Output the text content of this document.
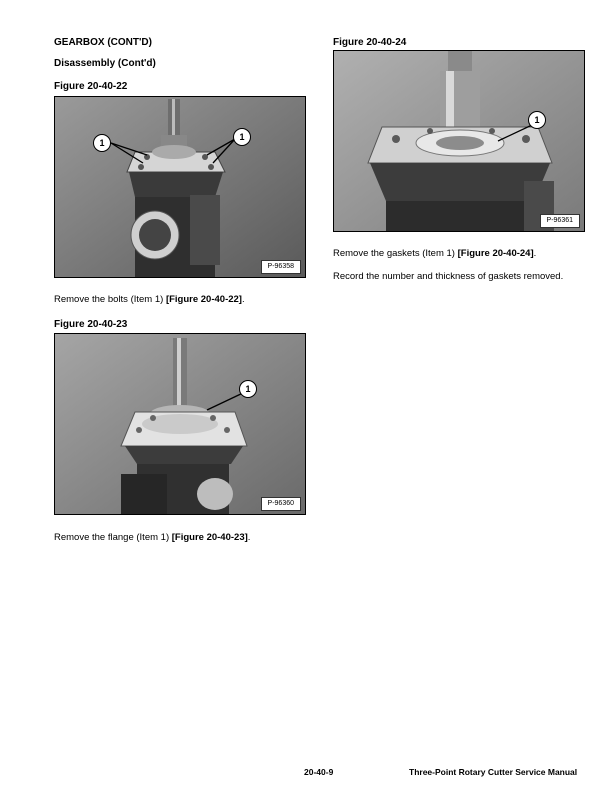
GEARBOX (CONT'D)
Disassembly (Cont'd)
Figure 20-40-22
1
1
P-96358
Remove the bolts (Item 1) [Figure 20-40-22].
Figure 20-40-23
1
P-96360
Remove the flange (Item 1) [Figure 20-40-23].
Figure 20-40-24
1
P-96361
Remove the gaskets (Item 1) [Figure 20-40-24].
Record the number and thickness of gaskets removed.
20-40-9	Three-Point Rotary Cutter Service Manual
